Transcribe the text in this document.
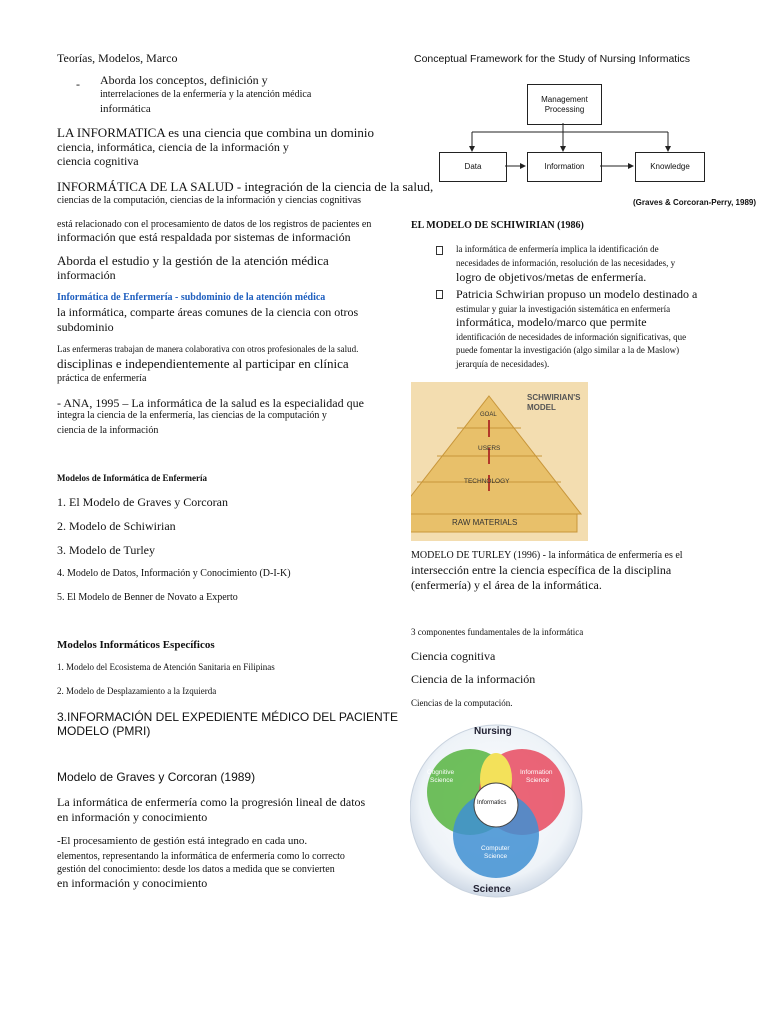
Teorías, Modelos, Marco
- Aborda los conceptos, definición y
interrelaciones de la enfermería y la atención médica
informática
LA INFORMATICA es una ciencia que combina un dominio
ciencia, informática, ciencia de la información y
ciencia cognitiva
INFORMÁTICA DE LA SALUD - integración de la ciencia de la salud,
ciencias de la computación, ciencias de la información y ciencias cognitivas
está relacionado con el procesamiento de datos de los registros de pacientes en
información que está respaldada por sistemas de información
Aborda el estudio y la gestión de la atención médica
información
Informática de Enfermería - subdominio de la atención médica
la informática, comparte áreas comunes de la ciencia con otros
subdominio
Las enfermeras trabajan de manera colaborativa con otros profesionales de la salud.
disciplinas e independientemente al participar en clínica
práctica de enfermería
- ANA, 1995 – La informática de la salud es la especialidad que
integra la ciencia de la enfermería, las ciencias de la computación y
ciencia de la información
Modelos de Informática de Enfermería
1. El Modelo de Graves y Corcoran
2. Modelo de Schiwirian
3. Modelo de Turley
4. Modelo de Datos, Información y Conocimiento (D-I-K)
5. El Modelo de Benner de Novato a Experto
Modelos Informáticos Específicos
1. Modelo del Ecosistema de Atención Sanitaria en Filipinas
2. Modelo de Desplazamiento a la Izquierda
3.INFORMACIÓN DEL EXPEDIENTE MÉDICO DEL PACIENTE
MODELO (PMRI)
Modelo de Graves y Corcoran (1989)
La informática de enfermería como la progresión lineal de datos
en información y conocimiento
-El procesamiento de gestión está integrado en cada uno.
elementos, representando la informática de enfermería como lo correcto
gestión del conocimiento: desde los datos a medida que se convierten
en información y conocimiento
Conceptual Framework for the Study of Nursing Informatics
Management Processing
Data	Information	Knowledge
(Graves & Corcoran-Perry, 1989)
EL MODELO DE SCHIWIRIAN (1986)
la informática de enfermería implica la identificación de
necesidades de información, resolución de las necesidades, y
logro de objetivos/metas de enfermería.
Patricia Schwirian propuso un modelo destinado a
estimular y guiar la investigación sistemática en enfermería
informática, modelo/marco que permite
identificación de necesidades de información significativas, que
puede fomentar la investigación (algo similar a la de Maslow)
jerarquía de necesidades).
SCHWIRIAN'S
MODEL
GOAL
USERS
TECHNOLOGY
RAW MATERIALS
MODELO DE TURLEY (1996) - la informática de enfermería es el
intersección entre la ciencia específica de la disciplina
(enfermería) y el área de la informática.
3 componentes fundamentales de la informática
Ciencia cognitiva
Ciencia de la información
Ciencias de la computación.
Nursing
Cognitive
Science
Information
Science
Informatics
Computer
Science
Science
